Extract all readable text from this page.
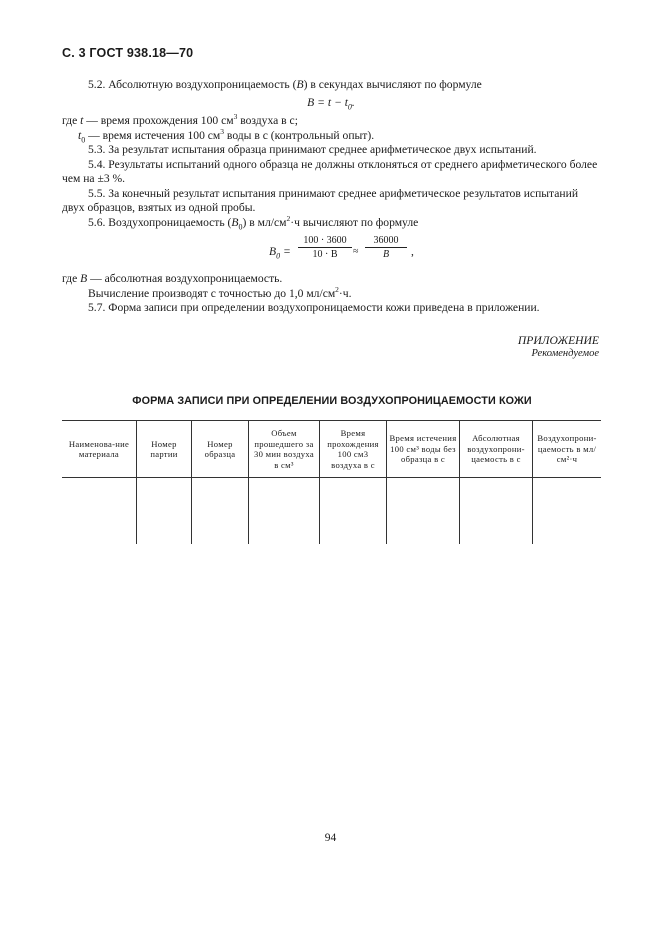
С. 3 ГОСТ 938.18—70

5.2. Абсолютную воздухопроницаемость (В) в секундах вычисляют по формуле

$В = t - t_0$.

где t — время прохождения 100 $см^3$ воздуха в с;

$t_0$ — время истечения 100 $см^3$ воды в с (контрольный опыт).

5.3. За результат испытания образца принимают среднее арифметическое двух испытаний.

5.4. Результаты испытаний одного образца не должны отклоняться от среднего арифметического более чем на ±3 %.

5.5. За конечный результат испытания принимают среднее арифметическое результатов испытаний двух образцов, взятых из одной пробы.

5.6. Воздухопроницаемость $(В_0)$ в $мл/см^2\cdot ч$ вычисляют по формуле

$В_0 = \frac{100 \cdot 3600}{10 \cdot B} \approx \frac{36000}{B}$ ,

где В — абсолютная воздухопроницаемость.

Вычисление производят с точностью до 1,0 $мл/см^2\cdot ч$.

5.7. Форма записи при определении воздухопроницаемости кожи приведена в приложении.

ПРИЛОЖЕНИЕ
Рекомендуемое
ФОРМА ЗАПИСИ ПРИ ОПРЕДЕЛЕНИИ ВОЗДУХОПРОНИЦАЕМОСТИ КОЖИ
Наименова-ние материала	Номер партии	Номер образца	Объем прошедшего за 30 мин воздуха в см³	Время прохождения 100 см3 воздуха в с	Время истечения 100 см³ воды без образца в с	Абсолютная воздухопрони-цаемость в с	Воздухопрони-цаемость в мл/см²·ч

94
